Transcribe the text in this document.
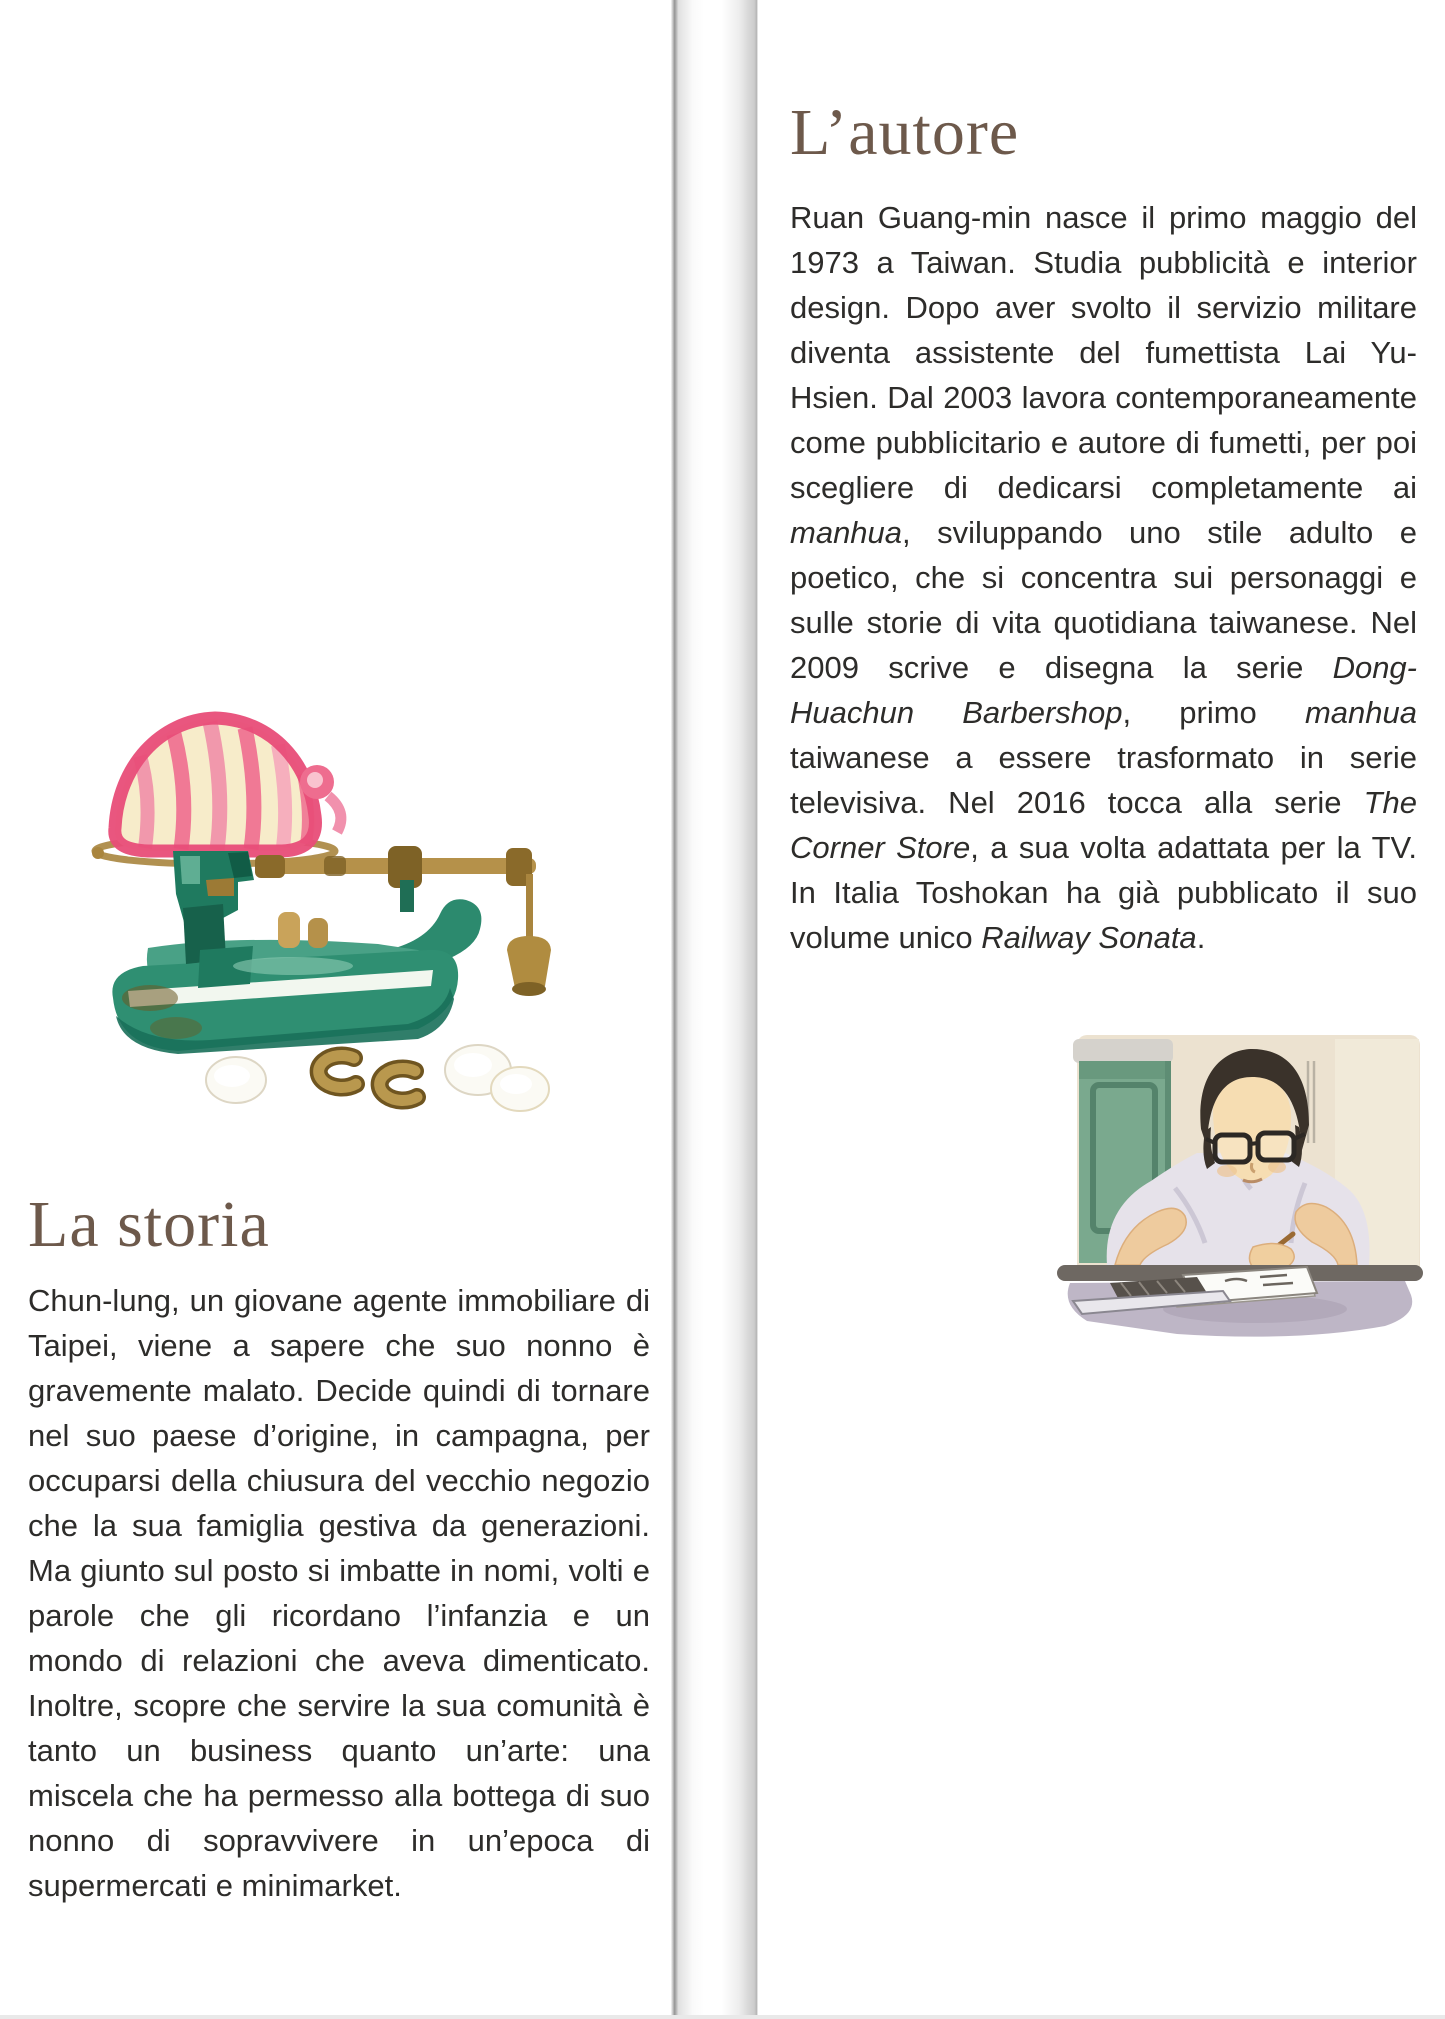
La storia

Chun-lung, un giovane agente immobiliare di Taipei, viene a sapere che suo nonno è gravemente malato. Decide quindi di tornare nel suo paese d’origine, in campagna, per occuparsi della chiusura del vecchio negozio che la sua famiglia gestiva da generazioni. Ma giunto sul posto si imbatte in nomi, volti e parole che gli ricordano l’infanzia e un mondo di relazioni che aveva dimenticato. Inoltre, scopre che servire la sua comunità è tanto un business quanto un’arte: una miscela che ha permesso alla bottega di suo nonno di sopravvivere in un’epoca di supermercati e minimarket.

L’autore

Ruan Guang-min nasce il primo maggio del 1973 a Taiwan. Studia pubblicità e interior design. Dopo aver svolto il servizio militare diventa assistente del fumettista Lai Yu-Hsien. Dal 2003 lavora contemporaneamente come pubblicitario e autore di fumetti, per poi scegliere di dedicarsi completamente ai manhua, sviluppando uno stile adulto e poetico, che si concentra sui personaggi e sulle storie di vita quotidiana taiwanese. Nel 2009 scrive e disegna la serie Dong-Huachun Barbershop, primo manhua taiwanese a essere trasformato in serie televisiva. Nel 2016 tocca alla serie The Corner Store, a sua volta adattata per la TV. In Italia Toshokan ha già pubblicato il suo volume unico Railway Sonata.
